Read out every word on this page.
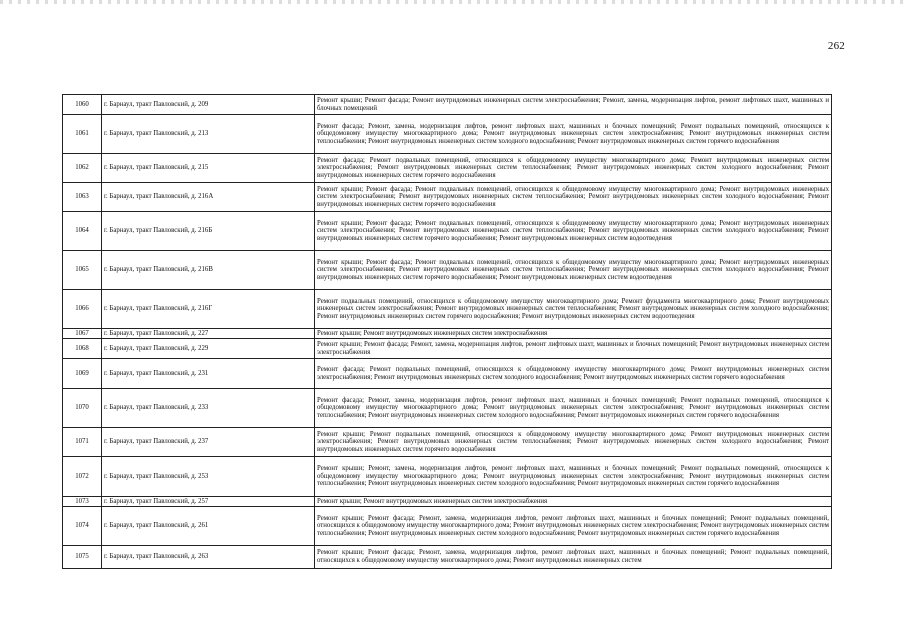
262
1060	г. Барнаул, тракт Павловский, д. 209	Ремонт крыши; Ремонт фасада; Ремонт внутридомовых инженерных систем электроснабжения; Ремонт, замена, модернизация лифтов, ремонт лифтовых шахт, машинных и блочных помещений
1061	г. Барнаул, тракт Павловский, д. 213	Ремонт фасада; Ремонт, замена, модернизация лифтов, ремонт лифтовых шахт, машинных и блочных помещений; Ремонт подвальных помещений, относящихся к общедомовому имуществу многоквартирного дома; Ремонт внутридомовых инженерных систем электроснабжения; Ремонт внутридомовых инженерных систем теплоснабжения; Ремонт внутридомовых инженерных систем холодного водоснабжения; Ремонт внутридомовых инженерных систем горячего водоснабжения
1062	г. Барнаул, тракт Павловский, д. 215	Ремонт фасада; Ремонт подвальных помещений, относящихся к общедомовому имуществу многоквартирного дома; Ремонт внутридомовых инженерных систем электроснабжения; Ремонт внутридомовых инженерных систем теплоснабжения; Ремонт внутридомовых инженерных систем холодного водоснабжения; Ремонт внутридомовых инженерных систем горячего водоснабжения
1063	г. Барнаул, тракт Павловский, д. 216А	Ремонт крыши; Ремонт фасада; Ремонт подвальных помещений, относящихся к общедомовому имуществу многоквартирного дома; Ремонт внутридомовых инженерных систем электроснабжения; Ремонт внутридомовых инженерных систем теплоснабжения; Ремонт внутридомовых инженерных систем холодного водоснабжения; Ремонт внутридомовых инженерных систем горячего водоснабжения
1064	г. Барнаул, тракт Павловский, д. 216Б	Ремонт крыши; Ремонт фасада; Ремонт подвальных помещений, относящихся к общедомовому имуществу многоквартирного дома; Ремонт внутридомовых инженерных систем электроснабжения; Ремонт внутридомовых инженерных систем теплоснабжения; Ремонт внутридомовых инженерных систем холодного водоснабжения; Ремонт внутридомовых инженерных систем горячего водоснабжения; Ремонт внутридомовых инженерных систем водоотведения
1065	г. Барнаул, тракт Павловский, д. 216В	Ремонт крыши; Ремонт фасада; Ремонт подвальных помещений, относящихся к общедомовому имуществу многоквартирного дома; Ремонт внутридомовых инженерных систем электроснабжения; Ремонт внутридомовых инженерных систем теплоснабжения; Ремонт внутридомовых инженерных систем холодного водоснабжения; Ремонт внутридомовых инженерных систем горячего водоснабжения; Ремонт внутридомовых инженерных систем водоотведения
1066	г. Барнаул, тракт Павловский, д. 216Г	Ремонт подвальных помещений, относящихся к общедомовому имуществу многоквартирного дома; Ремонт фундамента многоквартирного дома; Ремонт внутридомовых инженерных систем электроснабжения; Ремонт внутридомовых инженерных систем теплоснабжения; Ремонт внутридомовых инженерных систем холодного водоснабжения; Ремонт внутридомовых инженерных систем горячего водоснабжения; Ремонт внутридомовых инженерных систем водоотведения
1067	г. Барнаул, тракт Павловский, д. 227	Ремонт крыши; Ремонт внутридомовых инженерных систем электроснабжения
1068	г. Барнаул, тракт Павловский, д. 229	Ремонт крыши; Ремонт фасада; Ремонт, замена, модернизация лифтов, ремонт лифтовых шахт, машинных и блочных помещений; Ремонт внутридомовых инженерных систем электроснабжения
1069	г. Барнаул, тракт Павловский, д. 231	Ремонт фасада; Ремонт подвальных помещений, относящихся к общедомовому имуществу многоквартирного дома; Ремонт внутридомовых инженерных систем электроснабжения; Ремонт внутридомовых инженерных систем холодного водоснабжения; Ремонт внутридомовых инженерных систем горячего водоснабжения
1070	г. Барнаул, тракт Павловский, д. 233	Ремонт фасада; Ремонт, замена, модернизация лифтов, ремонт лифтовых шахт, машинных и блочных помещений; Ремонт подвальных помещений, относящихся к общедомовому имуществу многоквартирного дома; Ремонт внутридомовых инженерных систем электроснабжения; Ремонт внутридомовых инженерных систем теплоснабжения; Ремонт внутридомовых инженерных систем холодного водоснабжения; Ремонт внутридомовых инженерных систем горячего водоснабжения
1071	г. Барнаул, тракт Павловский, д. 237	Ремонт крыши; Ремонт подвальных помещений, относящихся к общедомовому имуществу многоквартирного дома; Ремонт внутридомовых инженерных систем электроснабжения; Ремонт внутридомовых инженерных систем теплоснабжения; Ремонт внутридомовых инженерных систем холодного водоснабжения; Ремонт внутридомовых инженерных систем горячего водоснабжения
1072	г. Барнаул, тракт Павловский, д. 253	Ремонт крыши; Ремонт, замена, модернизация лифтов, ремонт лифтовых шахт, машинных и блочных помещений; Ремонт подвальных помещений, относящихся к общедомовому имуществу многоквартирного дома; Ремонт внутридомовых инженерных систем электроснабжения; Ремонт внутридомовых инженерных систем теплоснабжения; Ремонт внутридомовых инженерных систем холодного водоснабжения; Ремонт внутридомовых инженерных систем горячего водоснабжения
1073	г. Барнаул, тракт Павловский, д. 257	Ремонт крыши; Ремонт внутридомовых инженерных систем электроснабжения
1074	г. Барнаул, тракт Павловский, д. 261	Ремонт крыши; Ремонт фасада; Ремонт, замена, модернизация лифтов, ремонт лифтовых шахт, машинных и блочных помещений; Ремонт подвальных помещений, относящихся к общедомовому имуществу многоквартирного дома; Ремонт внутридомовых инженерных систем электроснабжения; Ремонт внутридомовых инженерных систем теплоснабжения; Ремонт внутридомовых инженерных систем холодного водоснабжения; Ремонт внутридомовых инженерных систем горячего водоснабжения
1075	г. Барнаул, тракт Павловский, д. 263	Ремонт крыши; Ремонт фасада; Ремонт, замена, модернизация лифтов, ремонт лифтовых шахт, машинных и блочных помещений; Ремонт подвальных помещений, относящихся к общедомовому имуществу многоквартирного дома; Ремонт внутридомовых инженерных систем
